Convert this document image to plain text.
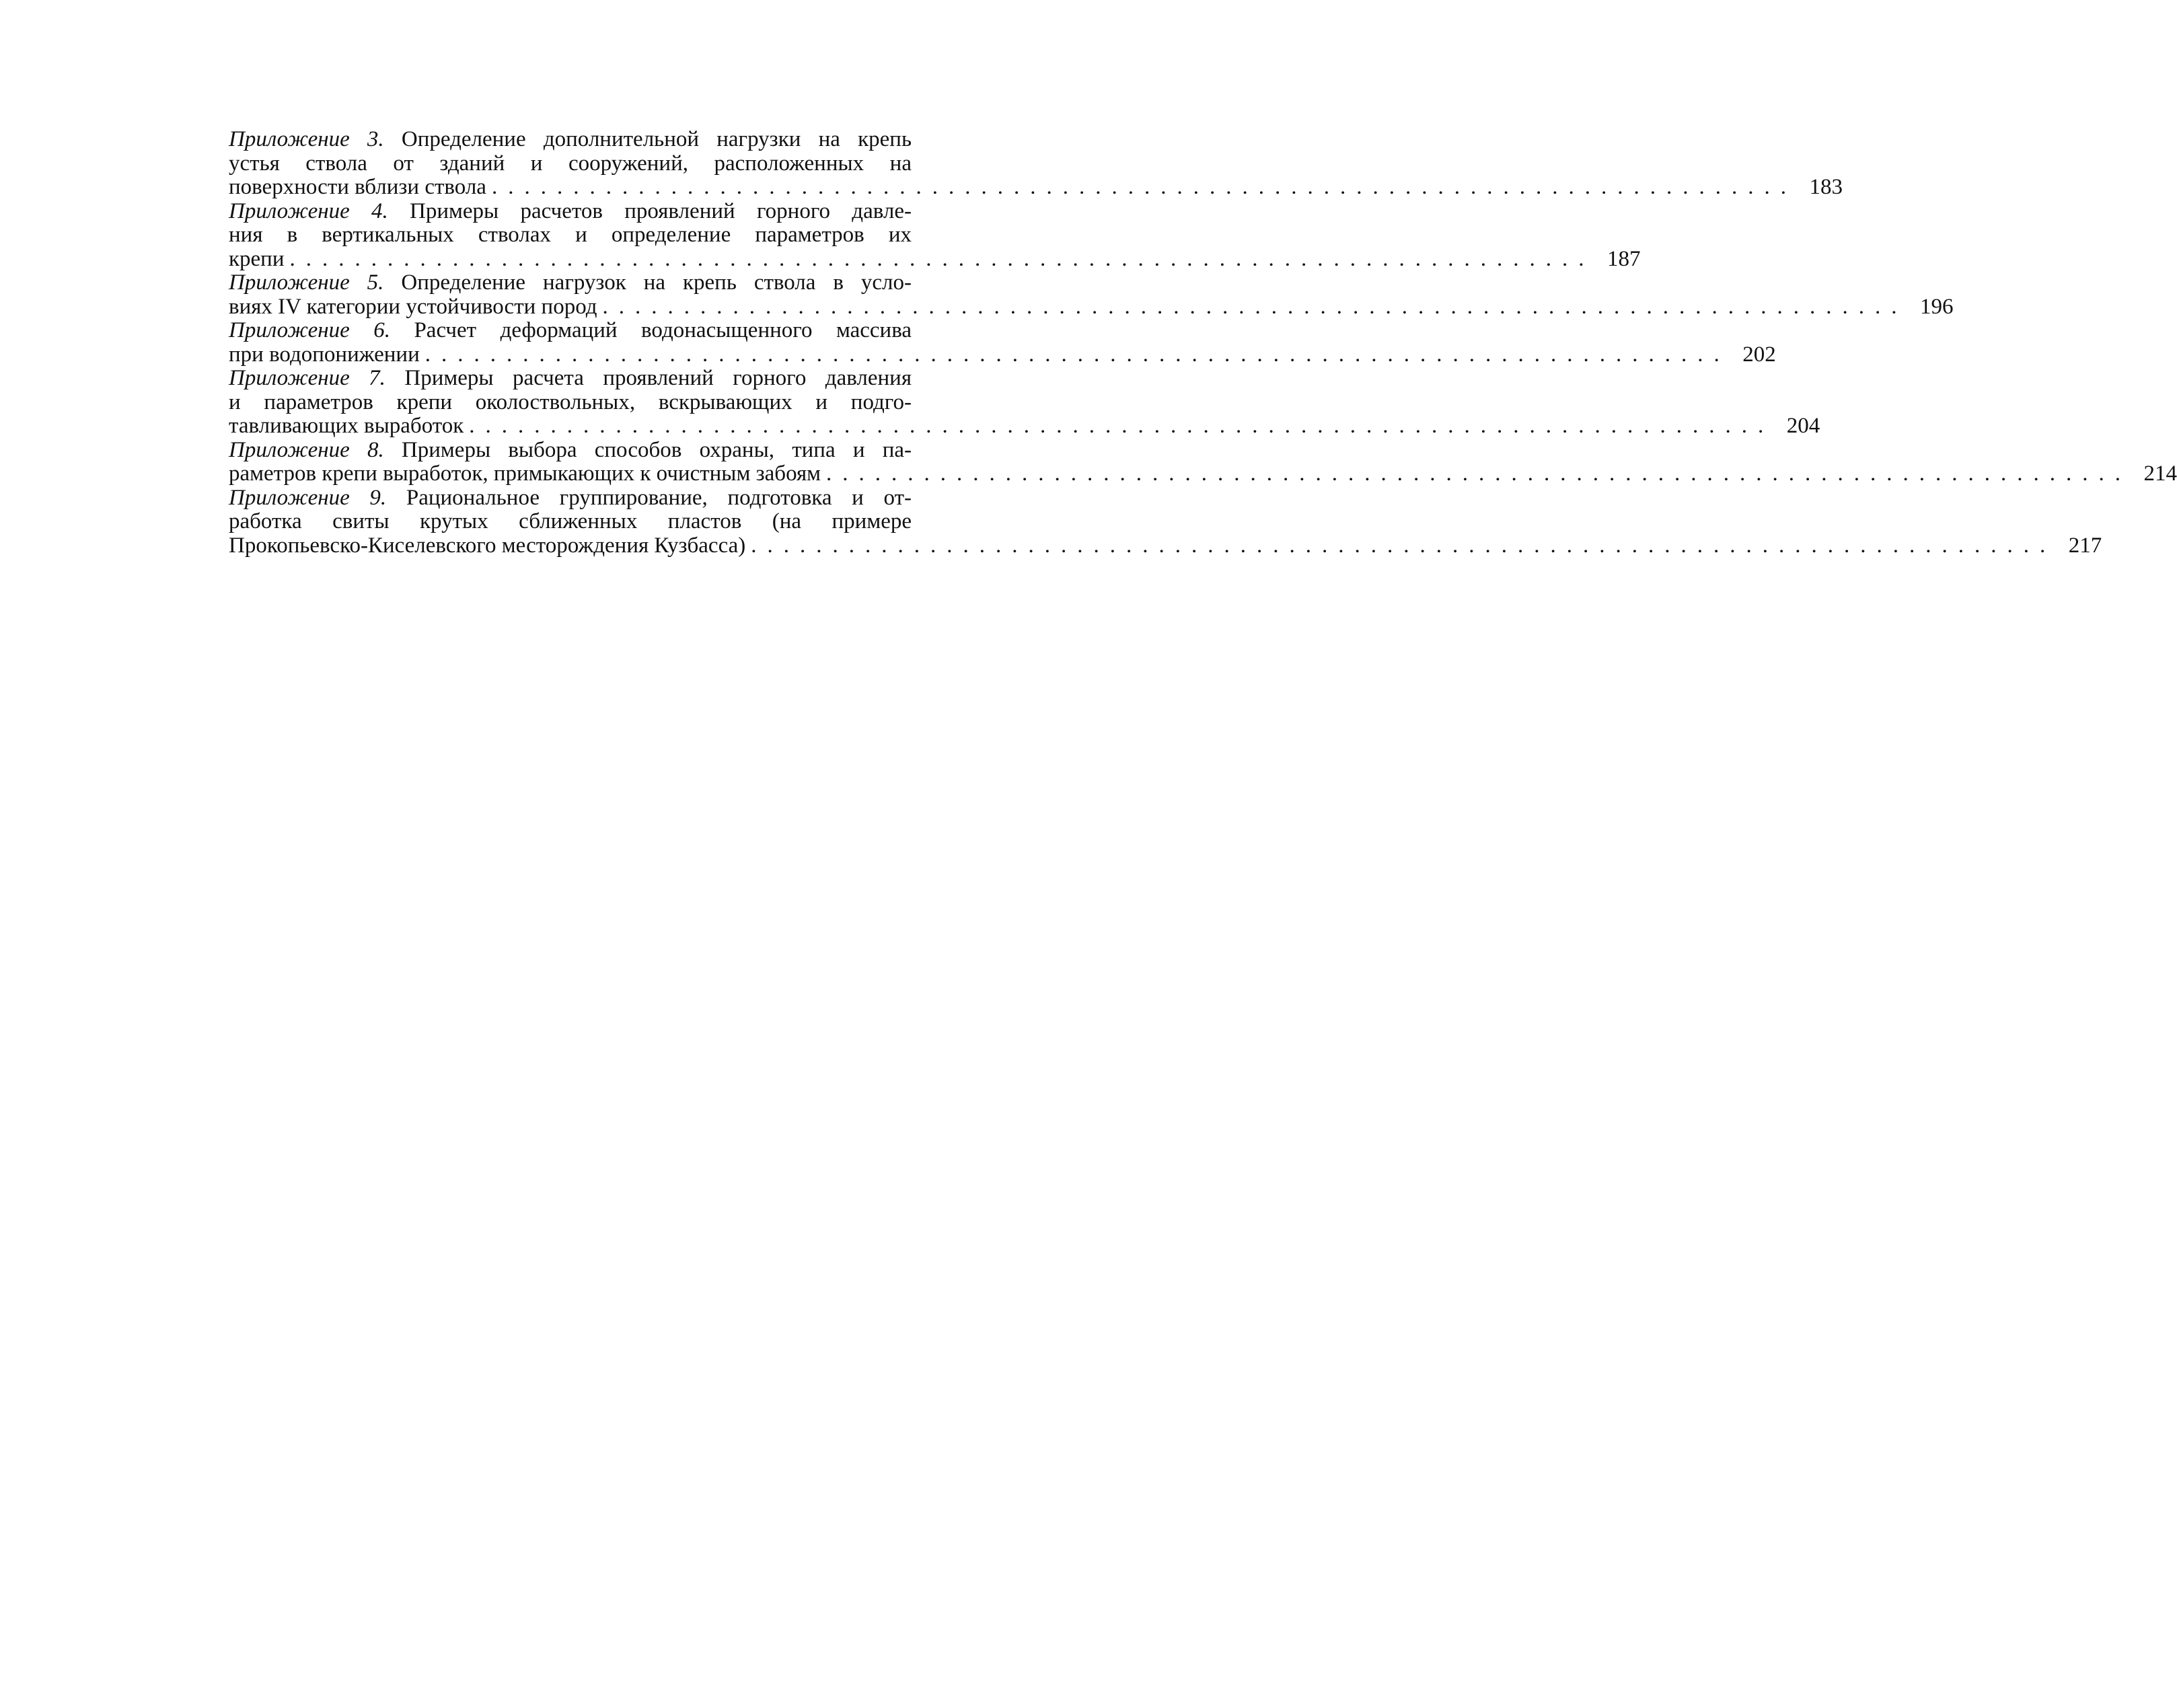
Приложение 3. Определение дополнительной нагрузки на крепь
устья ствола от зданий и сооружений, расположенных на
поверхности вблизи ствола ................................................................................ 183
Приложение 4. Примеры расчетов проявлений горного давле-
ния в вертикальных стволах и определение параметров их
крепи ................................................................................ 187
Приложение 5. Определение нагрузок на крепь ствола в усло-
виях IV категории устойчивости пород ................................................................................ 196
Приложение 6. Расчет деформаций водонасыщенного массива
при водопонижении ................................................................................ 202
Приложение 7. Примеры расчета проявлений горного давления
и параметров крепи околоствольных, вскрывающих и подго-
тавливающих выработок ................................................................................ 204
Приложение 8. Примеры выбора способов охраны, типа и па-
раметров крепи выработок, примыкающих к очистным забоям ................................................................................ 214
Приложение 9. Рациональное группирование, подготовка и от-
работка свиты крутых сближенных пластов (на примере
Прокопьевско-Киселевского месторождения Кузбасса) ................................................................................ 217
